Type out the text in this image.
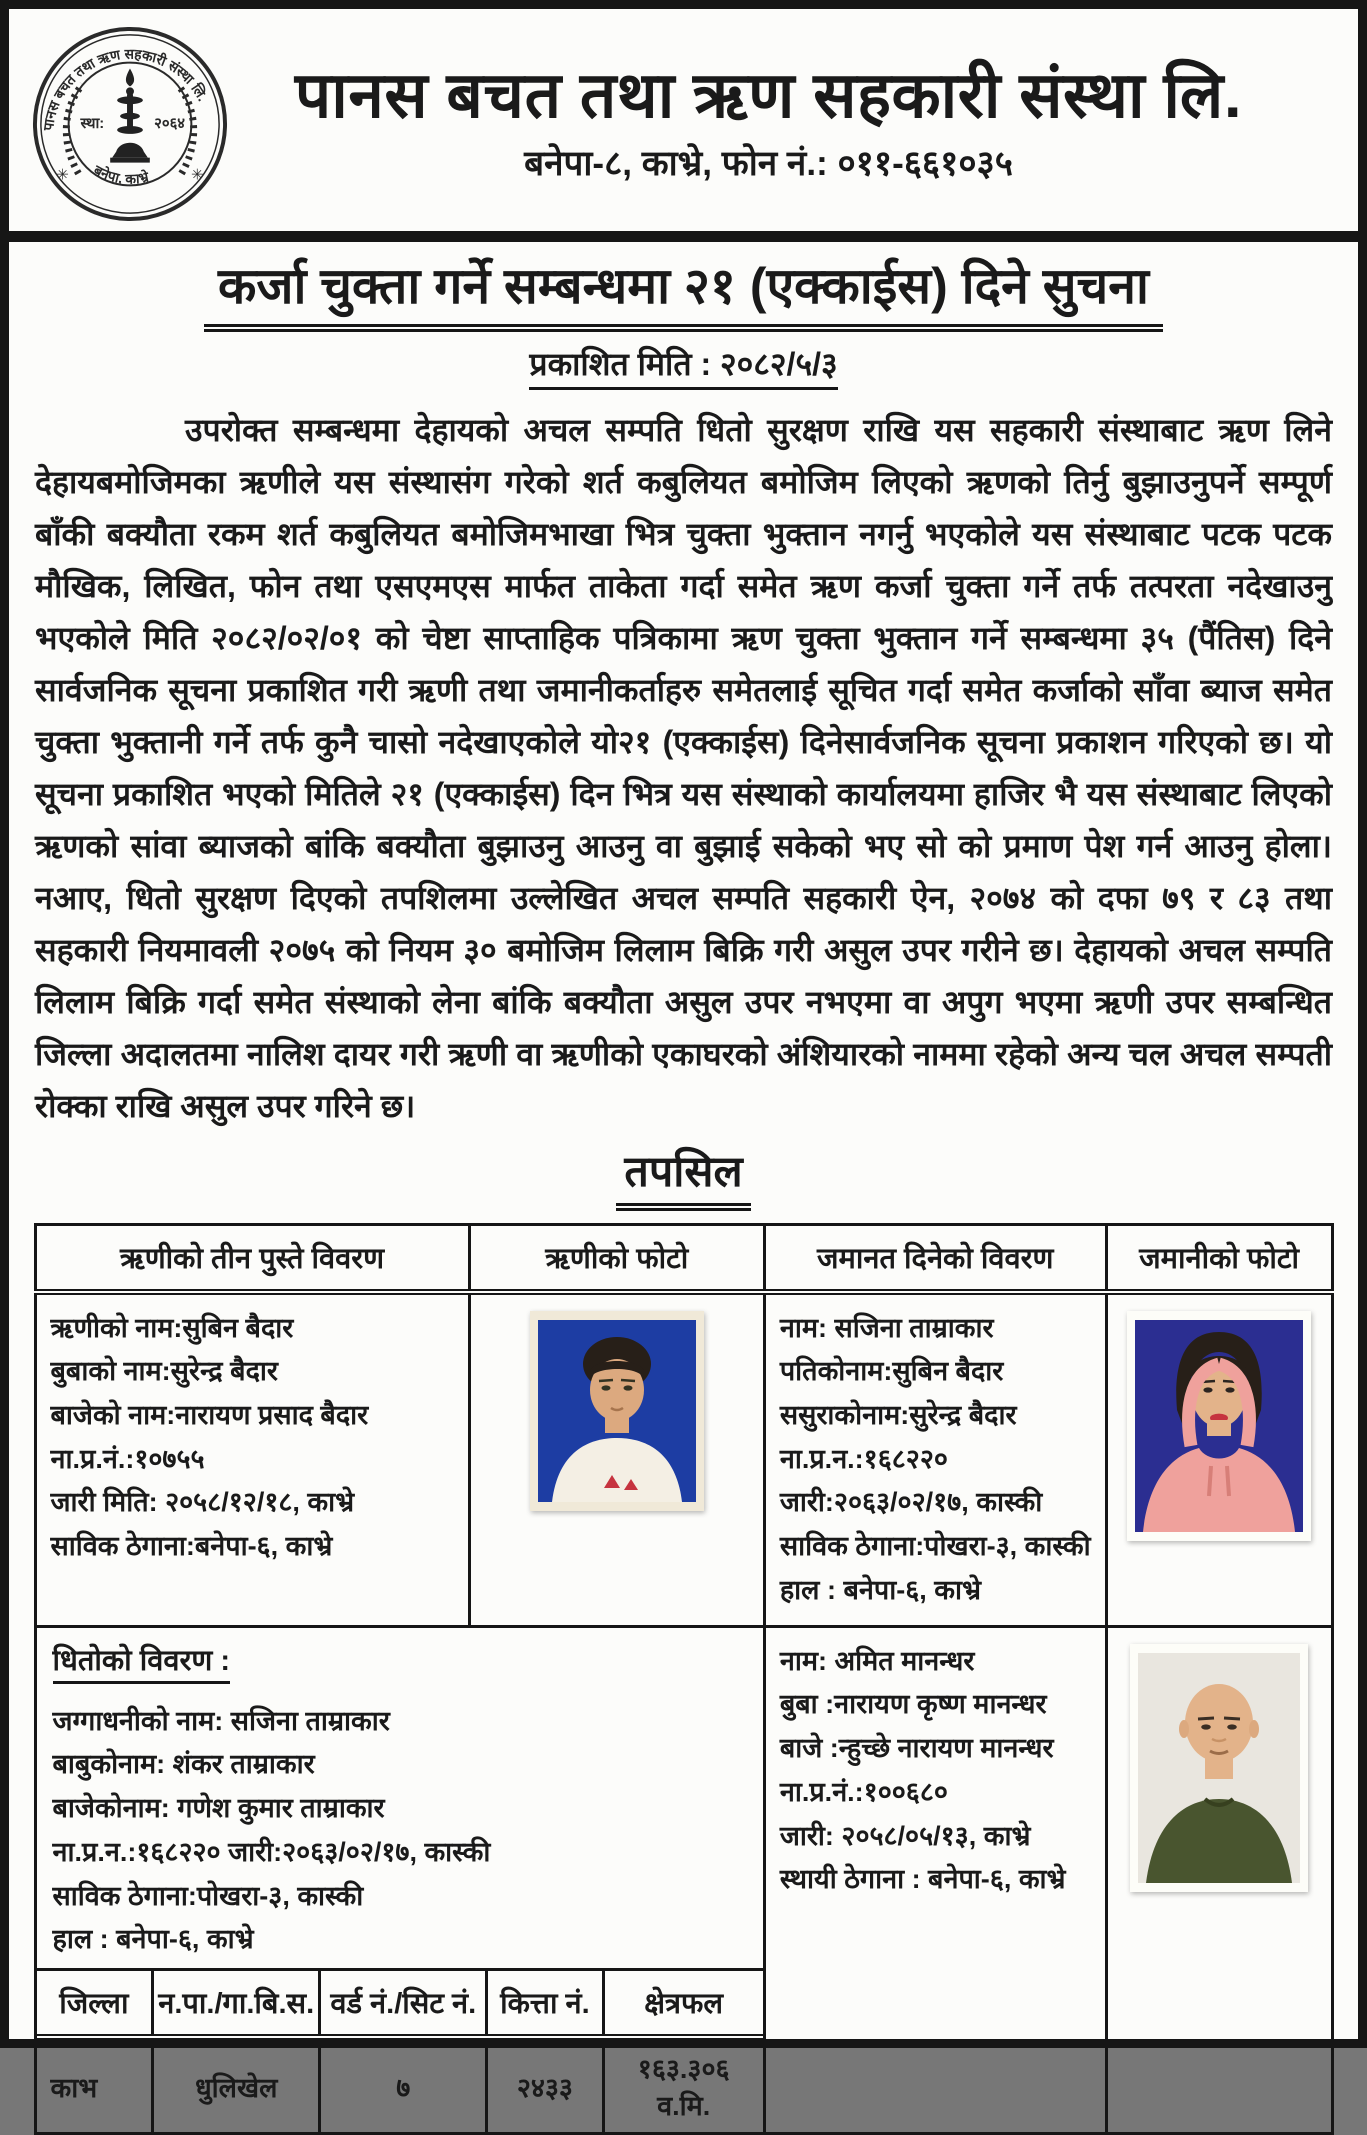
पानस बचत तथा ऋण सहकारी संस्था लि.
बनेपा, काभ्रे
स्था:	२०६४
✳	✳
पानस बचत तथा ऋण सहकारी संस्था लि.
बनेपा-८, काभ्रे, फोन नं.: ०११-६६१०३५
कर्जा चुक्ता गर्ने सम्बन्धमा २१ (एक्काईस) दिने सुचना
प्रकाशित मिति : २०८२/५/३
उपरोक्त सम्बन्धमा देहायको अचल सम्पति धितो सुरक्षण राखि यस सहकारी संस्थाबाट ऋण लिने देहायबमोजिमका ऋणीले यस संस्थासंग गरेको शर्त कबुलियत बमोजिम लिएको ऋणको तिर्नु बुझाउनुपर्ने सम्पूर्ण बाँकी बक्यौता रकम शर्त कबुलियत बमोजिमभाखा भित्र चुक्ता भुक्तान नगर्नु भएकोले यस संस्थाबाट पटक पटक मौखिक, लिखित, फोन तथा एसएमएस मार्फत ताकेता गर्दा समेत ऋण कर्जा चुक्ता गर्ने तर्फ तत्परता नदेखाउनु भएकोले मिति २०८२/०२/०१ को चेष्टा साप्ताहिक पत्रिकामा ऋण चुक्ता भुक्तान गर्ने सम्बन्धमा ३५ (पैंतिस) दिने सार्वजनिक सूचना प्रकाशित गरी ऋणी तथा जमानीकर्ताहरु समेतलाई सूचित गर्दा समेत कर्जाको साँवा ब्याज समेत चुक्ता भुक्तानी गर्ने तर्फ कुनै चासो नदेखाएकोले यो२१ (एक्काईस) दिनेसार्वजनिक सूचना प्रकाशन गरिएको छ। यो सूचना प्रकाशित भएको मितिले २१ (एक्काईस) दिन भित्र यस संस्थाको कार्यालयमा हाजिर भै यस संस्थाबाट लिएको ऋणको सांवा ब्याजको बांकि बक्यौता बुझाउनु आउनु वा बुझाई सकेको भए सो को प्रमाण पेश गर्न आउनु होला। नआए, धितो सुरक्षण दिएको तपशिलमा उल्लेखित अचल सम्पति सहकारी ऐन, २०७४ को दफा ७९ र ८३ तथा सहकारी नियमावली २०७५ को नियम ३० बमोजिम लिलाम बिक्रि गरी असुल उपर गरीने छ। देहायको अचल सम्पति लिलाम बिक्रि गर्दा समेत संस्थाको लेना बांकि बक्यौता असुल उपर नभएमा वा अपुग भएमा ऋणी उपर सम्बन्धित जिल्ला अदालतमा नालिश दायर गरी ऋणी वा ऋणीको एकाघरको अंशियारको नाममा रहेको अन्य चल अचल सम्पती रोक्का राखि असुल उपर गरिने छ।
तपसिल
ऋणीको तीन पुस्ते विवरण	ऋणीको फोटो	जमानत दिनेको विवरण	जमानीको फोटो

ऋणीको नाम:सुबिन बैदार
बुबाको नाम:सुरेन्द्र बैदार
बाजेको नाम:नारायण प्रसाद बैदार
ना.प्र.नं.:१०७५५
जारी मिति: २०५८/१२/१८, काभ्रे
साविक ठेगाना:बनेपा-६, काभ्रे

नाम: सजिना ताम्राकार
पतिकोनाम:सुबिन बैदार
ससुराकोनाम:सुरेन्द्र बैदार
ना.प्र.न.:१६८२२०
जारी:२०६३/०२/१७, कास्की
साविक ठेगाना:पोखरा-३, कास्की
हाल : बनेपा-६, काभ्रे

धितोको विवरण :
जग्गाधनीको नाम: सजिना ताम्राकार
बाबुकोनाम: शंकर ताम्राकार
बाजेकोनाम: गणेश कुमार ताम्राकार
ना.प्र.न.:१६८२२० जारी:२०६३/०२/१७, कास्की
साविक ठेगाना:पोखरा-३, कास्की
हाल : बनेपा-६, काभ्रे
जिल्ला	न.पा./गा.बि.स.	वर्ड नं./सिट नं.	कित्ता नं.	क्षेत्रफल
काभ	धुलिखेल	७	२४३३	१६३.३०६ व.मि.

नाम: अमित मानन्धर
बुबा :नारायण कृष्ण मानन्धर
बाजे :न्हुच्छे नारायण मानन्धर
ना.प्र.नं.:१००६८०
जारी: २०५८/०५/१३, काभ्रे
स्थायी ठेगाना : बनेपा-६, काभ्रे
